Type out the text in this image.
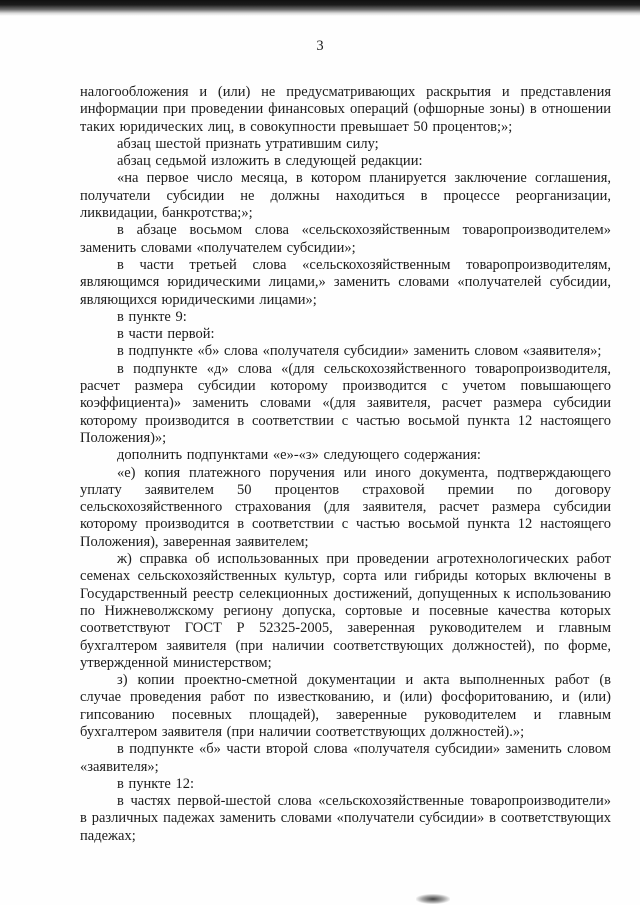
3

налогообложения и (или) не предусматривающих раскрытия и представления информации при проведении финансовых операций (офшорные зоны) в отношении таких юридических лиц, в совокупности превышает 50 процентов;»;

абзац шестой признать утратившим силу;

абзац седьмой изложить в следующей редакции:

«на первое число месяца, в котором планируется заключение соглашения, получатели субсидии не должны находиться в процессе реорганизации, ликвидации, банкротства;»;

в абзаце восьмом слова «сельскохозяйственным товаропроизводителем» заменить словами «получателем субсидии»;

в части третьей слова «сельскохозяйственным товаропроизводителям, являющимся юридическими лицами,» заменить словами «получателей субсидии, являющихся юридическими лицами»;

в пункте 9:

в части первой:

в подпункте «б» слова «получателя субсидии» заменить словом «заявителя»;

в подпункте «д» слова «(для сельскохозяйственного товаропроизводителя, расчет размера субсидии которому производится с учетом повышающего коэффициента)» заменить словами «(для заявителя, расчет размера субсидии которому производится в соответствии с частью восьмой пункта 12 настоящего Положения)»;

дополнить подпунктами «е»-«з» следующего содержания:

«е) копия платежного поручения или иного документа, подтверждающего уплату заявителем 50 процентов страховой премии по договору сельскохозяйственного страхования (для заявителя, расчет размера субсидии которому производится в соответствии с частью восьмой пункта 12 настоящего Положения), заверенная заявителем;

ж) справка об использованных при проведении агротехнологических работ семенах сельскохозяйственных культур, сорта или гибриды которых включены в Государственный реестр селекционных достижений, допущенных к использованию по Нижневолжскому региону допуска, сортовые и посевные качества которых соответствуют ГОСТ Р 52325-2005, заверенная руководителем и главным бухгалтером заявителя (при наличии соответствующих должностей), по форме, утвержденной министерством;

з) копии проектно-сметной документации и акта выполненных работ (в случае проведения работ по известкованию, и (или) фосфоритованию, и (или) гипсованию посевных площадей), заверенные руководителем и главным бухгалтером заявителя (при наличии соответствующих должностей).»;

в подпункте «б» части второй слова «получателя субсидии» заменить словом «заявителя»;

в пункте 12:

в частях первой-шестой слова «сельскохозяйственные товаропроизводители» в различных падежах заменить словами «получатели субсидии» в соответствующих падежах;
